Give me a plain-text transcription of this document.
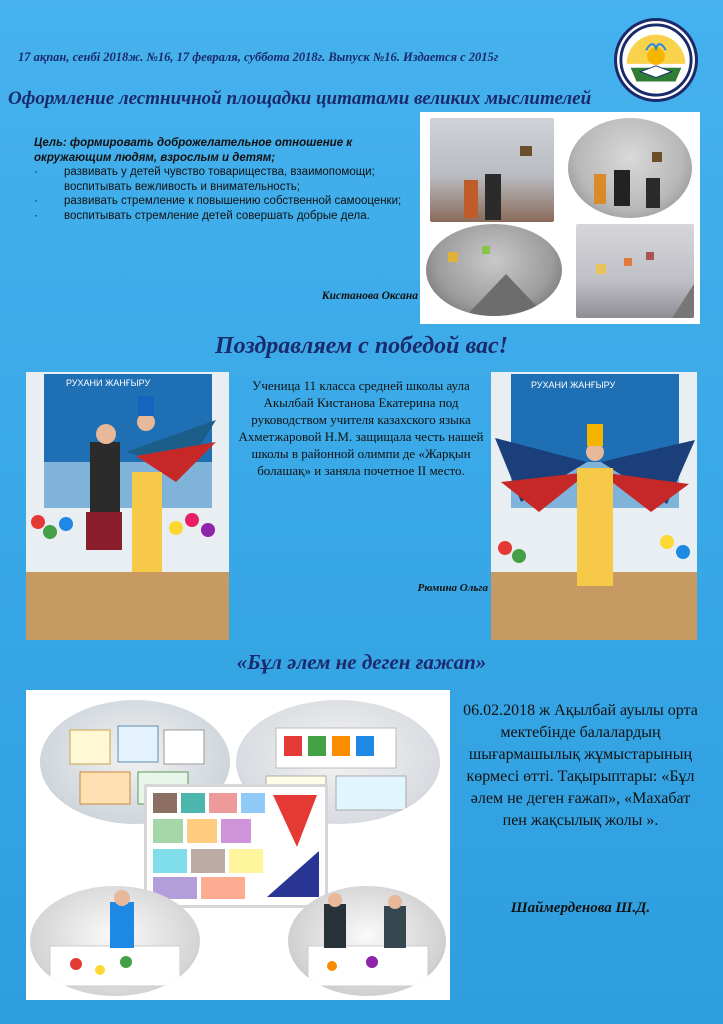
17 ақпан, сенбі 2018ж. №16, 17 февраля, суббота 2018г. Выпуск №16. Издается с 2015г
Оформление лестничной площадки цитатами великих мыслителей
Цель: формировать доброжелательное отношение к окружающим людям, взрослым и детям;
·	развивать у детей чувство товарищества, взаимопомощи; воспитывать вежливость и внимательность;
·	развивать стремление к повышению собственной самооценки;
·	воспитывать стремление детей совершать добрые дела.
Кистанова Оксана
Поздравляем с победой вас!
РУХАНИ ЖАНҒЫРУ	Ученица 11 класса средней школы аула Акылбай Кистанова Екатерина под руководством учителя казахского языка Ахметжаровой Н.М. защищала честь нашей школы в районной олимпи де «Жарқын болашақ» и заняла почетное II место.
Рюмина Ольга
РУХАНИ ЖАНҒЫРУ
«Бұл әлем не деген ғажап»
06.02.2018 ж Ақылбай ауылы орта мектебінде балалардың шығармашылық жұмыстарының көрмесі өтті. Тақырыптары: «Бұл әлем не деген ғажап», «Махабат пен жақсылық жолы ».
Шаймерденова Ш.Д.
